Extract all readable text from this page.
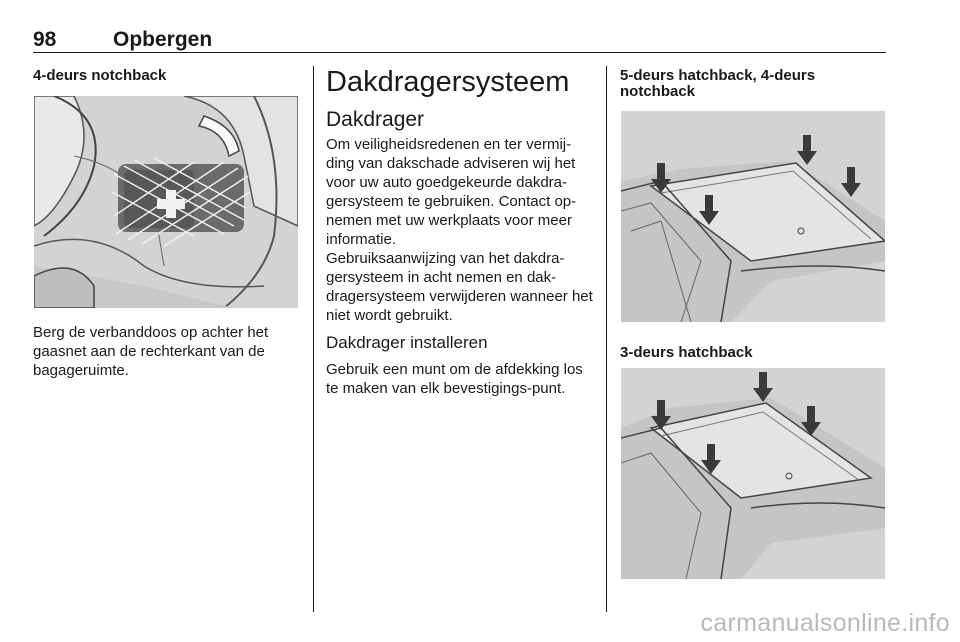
98	Opbergen
4-deurs notchback
Berg de verbanddoos op achter het gaasnet aan de rechterkant van de bagageruimte.
Dakdragersysteem
Dakdrager
Om veiligheidsredenen en ter vermij-ding van dakschade adviseren wij het voor uw auto goedgekeurde dakdra-gersysteem te gebruiken. Contact op-nemen met uw werkplaats voor meer informatie.
Gebruiksaanwijzing van het dakdra-gersysteem in acht nemen en dak-dragersysteem verwijderen wanneer het niet wordt gebruikt.
Dakdrager installeren
Gebruik een munt om de afdekking los te maken van elk bevestigings-punt.
5-deurs hatchback, 4-deurs notchback
3-deurs hatchback
carmanualsonline.info
